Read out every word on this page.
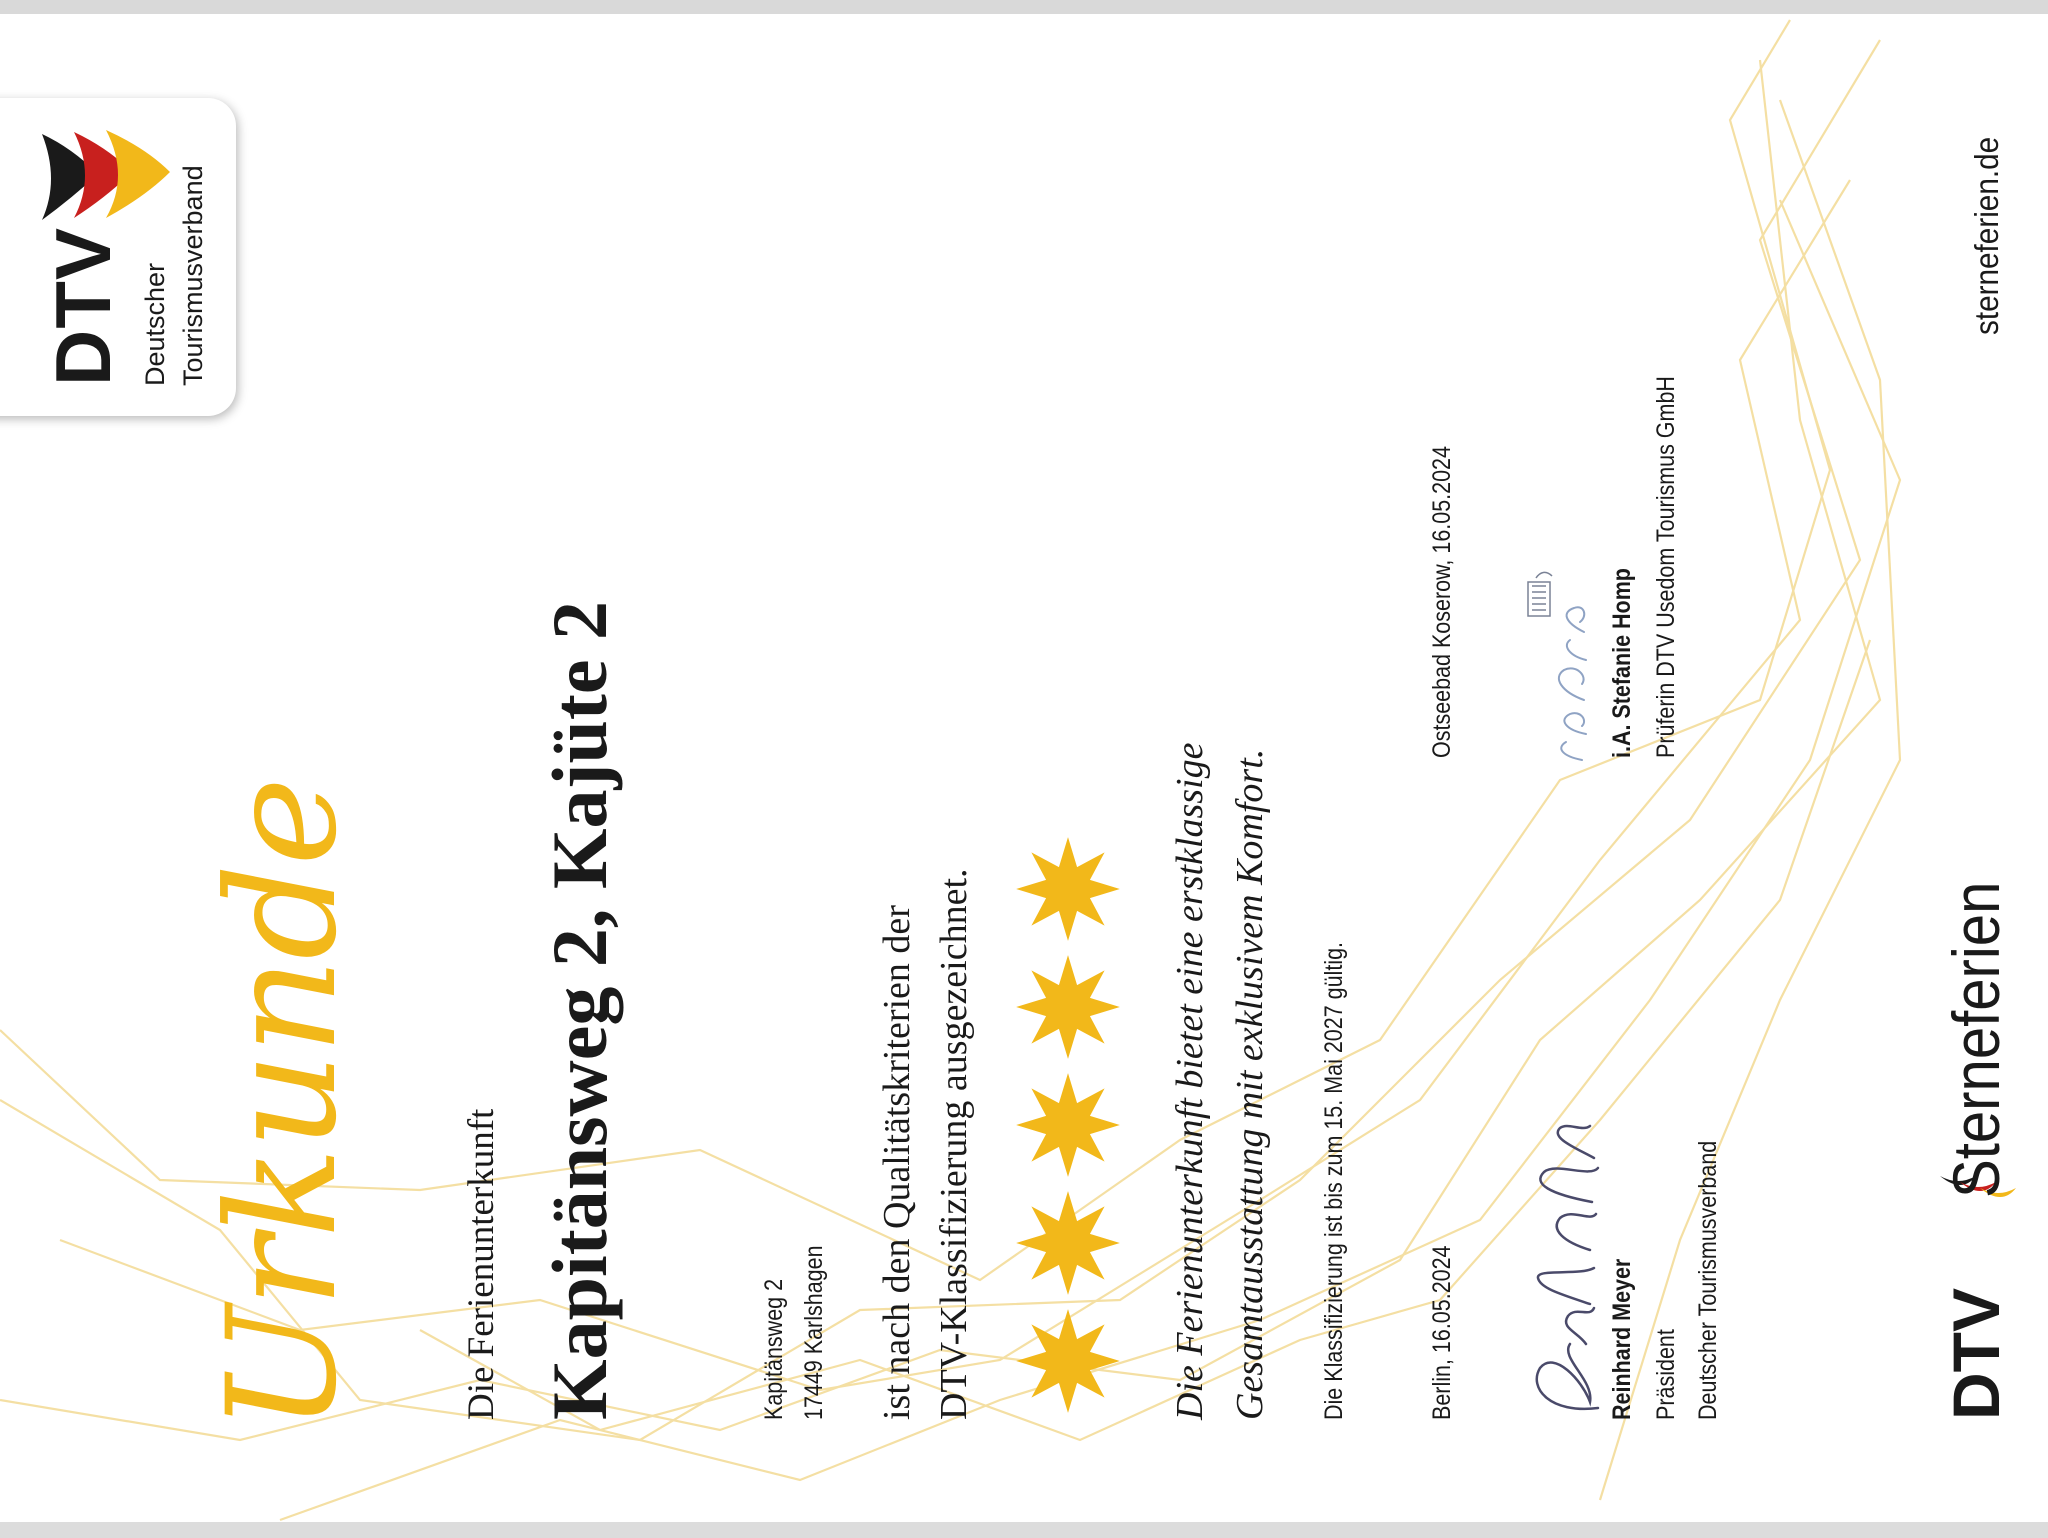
DTV Deutscher Tourismusverband
Urkunde Die Ferienunterkunft Kapitänsweg 2, Kajüte 2	Kapitänsweg 2 17449 Karlshagen ist nach den Qualitätskriterien der DTV-Klassifizierung ausgezeichnet.	Die Ferienunterkunft bietet eine erstklassige Gesamtausstattung mit exklusivem Komfort. Die Klassifizierung ist bis zum 15. Mai 2027 gültig.	Berlin, 16.05.2024	Reinhard Meyer Präsident Deutscher Tourismusverband
Ostseebad Koserow, 16.05.2024	i.A. Stefanie Homp Prüferin DTV Usedom Tourismus GmbH
DTV
Sterneferien
sterneferien.de
